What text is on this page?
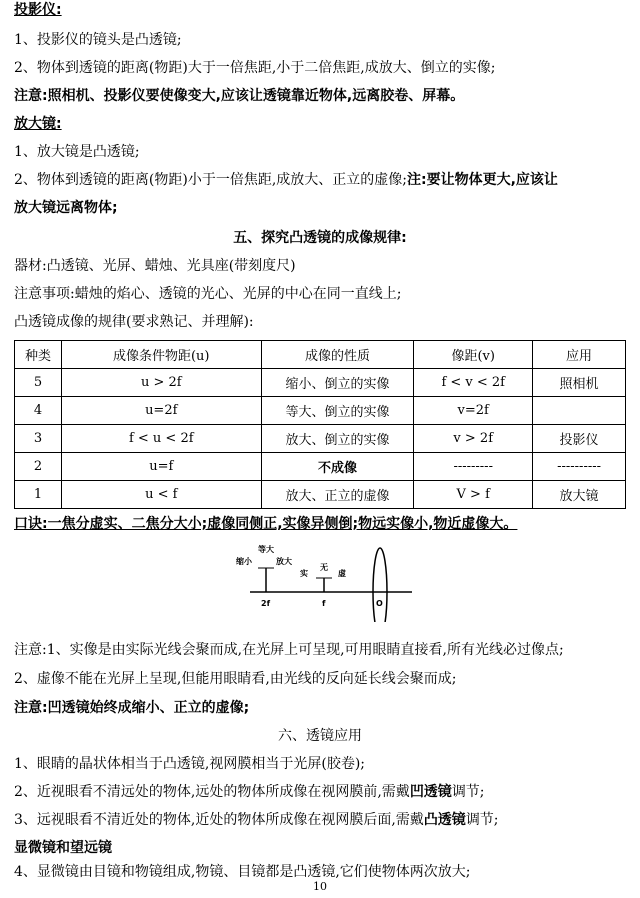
投影仪:
1、投影仪的镜头是凸透镜;
2、物体到透镜的距离(物距)大于一倍焦距,小于二倍焦距,成放大、倒立的实像;
注意:照相机、投影仪要使像变大,应该让透镜靠近物体,远离胶卷、屏幕。
放大镜:
1、放大镜是凸透镜;
2、物体到透镜的距离(物距)小于一倍焦距,成放大、正立的虚像;注:要让物体更大,应该让
放大镜远离物体;
五、探究凸透镜的成像规律:
器材:凸透镜、光屏、蜡烛、光具座(带刻度尺)
注意事项:蜡烛的焰心、透镜的光心、光屏的中心在同一直线上;
凸透镜成像的规律(要求熟记、并理解):
种类	成像条件物距(u)	成像的性质	像距(v)	应用
5	u > 2f	缩小、倒立的实像	f < v < 2f	照相机
4	u=2f	等大、倒立的实像	v=2f	
3	f < u < 2f	放大、倒立的实像	v > 2f	投影仪
2	u=f	不成像	---------	----------
1	u < f	放大、正立的虚像	V > f	放大镜
口诀:一焦分虚实、二焦分大小;虚像同侧正,实像异侧倒;物远实像小,物近虚像大。
缩小
等大
放大
实
无
虚
2f	f	O
注意:1、实像是由实际光线会聚而成,在光屏上可呈现,可用眼睛直接看,所有光线必过像点;
2、虚像不能在光屏上呈现,但能用眼睛看,由光线的反向延长线会聚而成;
注意:凹透镜始终成缩小、正立的虚像;
六、透镜应用
1、眼睛的晶状体相当于凸透镜,视网膜相当于光屏(胶卷);
2、近视眼看不清远处的物体,远处的物体所成像在视网膜前,需戴凹透镜调节;
3、远视眼看不清近处的物体,近处的物体所成像在视网膜后面,需戴凸透镜调节;
显微镜和望远镜
4、显微镜由目镜和物镜组成,物镜、目镜都是凸透镜,它们使物体两次放大;
10
